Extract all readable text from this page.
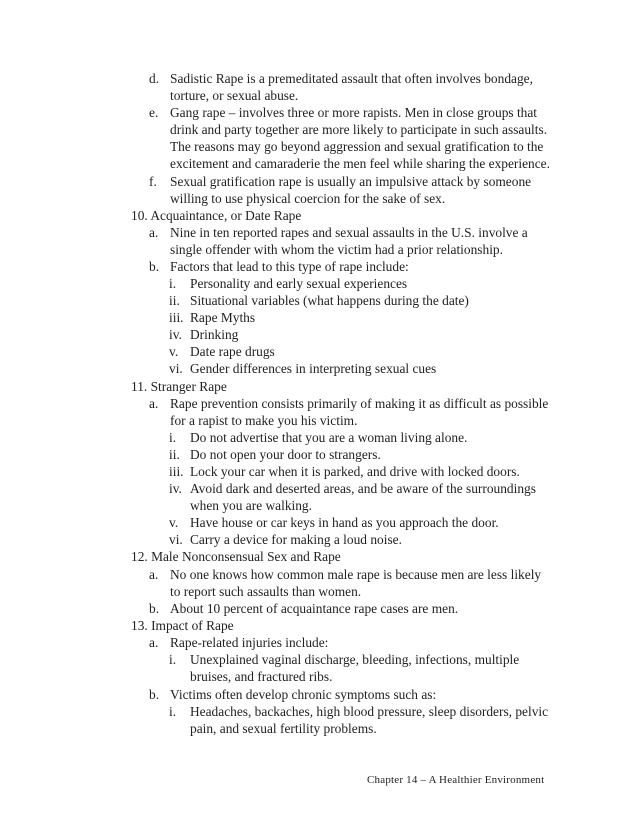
d. Sadistic Rape is a premeditated assault that often involves bondage,
torture, or sexual abuse.
e. Gang rape – involves three or more rapists. Men in close groups that
drink and party together are more likely to participate in such assaults.
The reasons may go beyond aggression and sexual gratification to the
excitement and camaraderie the men feel while sharing the experience.
f. Sexual gratification rape is usually an impulsive attack by someone
willing to use physical coercion for the sake of sex.
10. Acquaintance, or Date Rape
a. Nine in ten reported rapes and sexual assaults in the U.S. involve a
single offender with whom the victim had a prior relationship.
b. Factors that lead to this type of rape include:
i. Personality and early sexual experiences
ii. Situational variables (what happens during the date)
iii. Rape Myths
iv. Drinking
v. Date rape drugs
vi. Gender differences in interpreting sexual cues
11. Stranger Rape
a. Rape prevention consists primarily of making it as difficult as possible
for a rapist to make you his victim.
i. Do not advertise that you are a woman living alone.
ii. Do not open your door to strangers.
iii. Lock your car when it is parked, and drive with locked doors.
iv. Avoid dark and deserted areas, and be aware of the surroundings
when you are walking.
v. Have house or car keys in hand as you approach the door.
vi. Carry a device for making a loud noise.
12. Male Nonconsensual Sex and Rape
a. No one knows how common male rape is because men are less likely
to report such assaults than women.
b. About 10 percent of acquaintance rape cases are men.
13. Impact of Rape
a. Rape-related injuries include:
i. Unexplained vaginal discharge, bleeding, infections, multiple
bruises, and fractured ribs.
b. Victims often develop chronic symptoms such as:
i. Headaches, backaches, high blood pressure, sleep disorders, pelvic
pain, and sexual fertility problems.
Chapter 14 – A Healthier Environment
